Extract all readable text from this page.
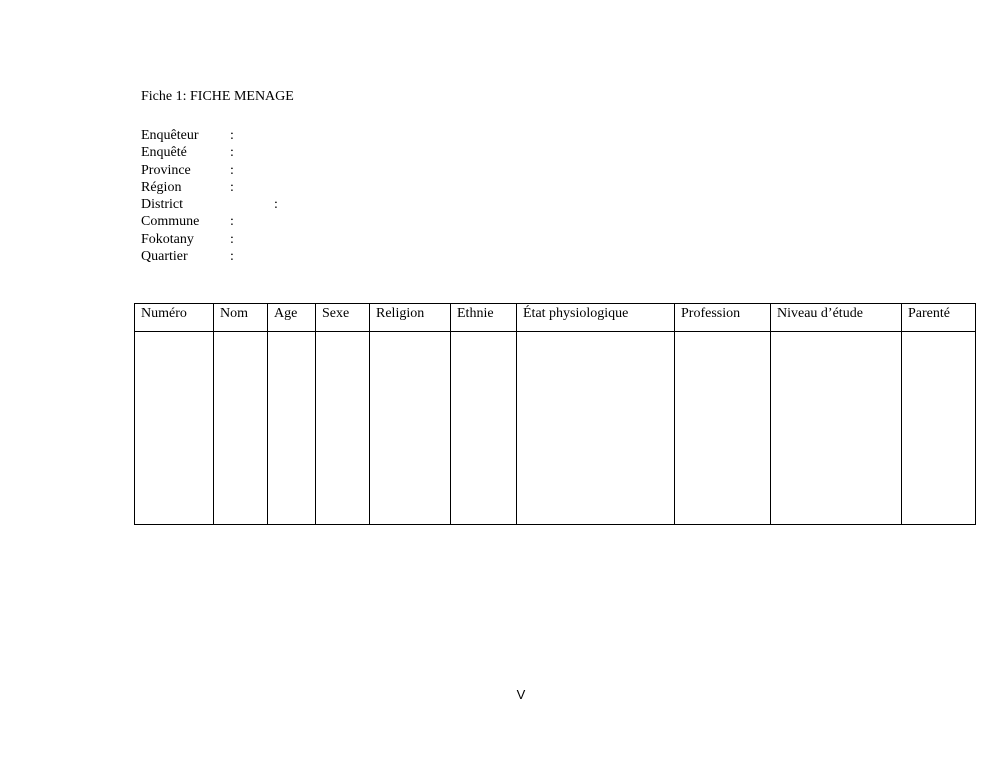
Fiche 1: FICHE MENAGE
Enquêteur :
Enquêté	:
Province	:
Région	:
District	:
Commune :
Fokotany	:
Quartier	:
Numéro	Nom	Age	Sexe	Religion	Ethnie	État physiologique	Profession	Niveau d’étude	Parenté

V
